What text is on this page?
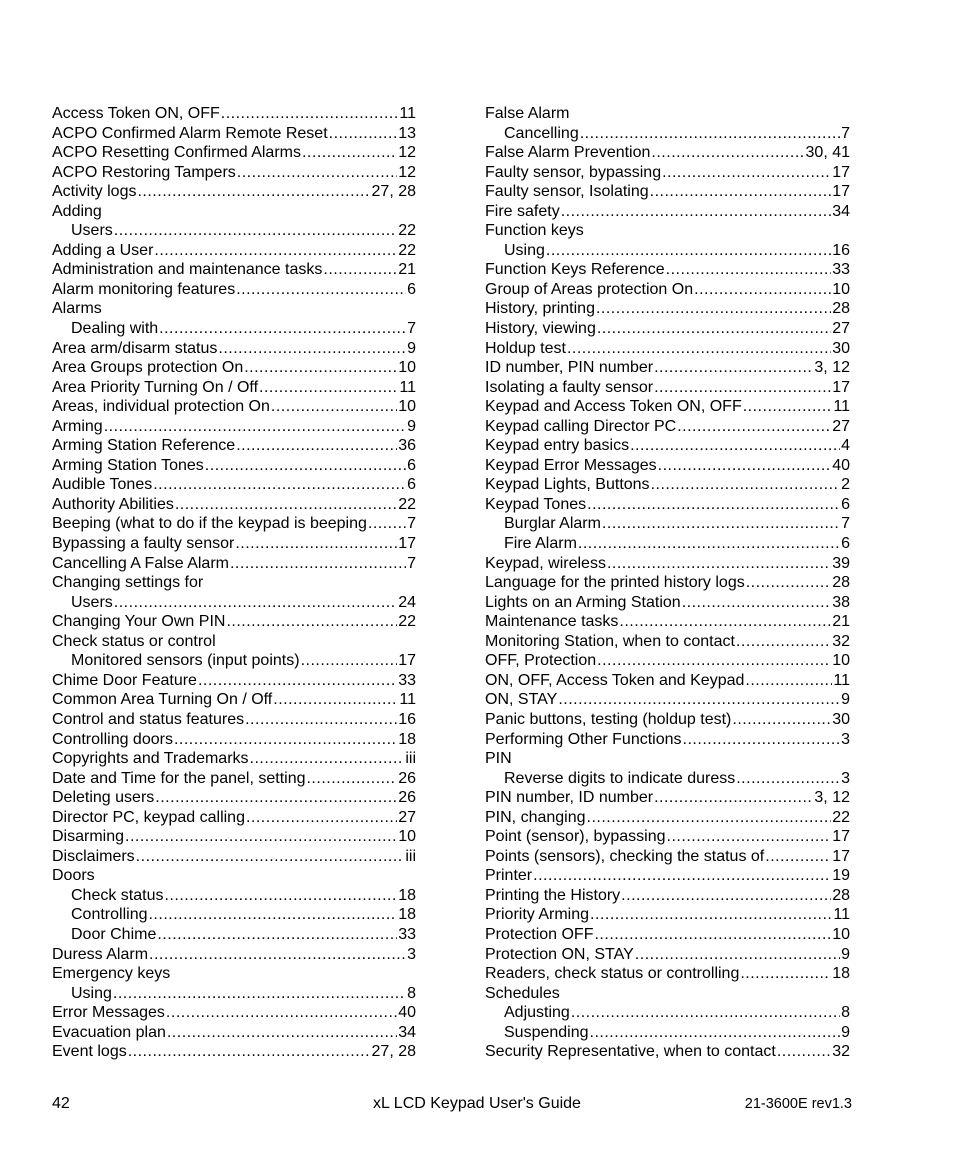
Access Token ON, OFF .....	11
ACPO Confirmed Alarm Remote Reset .....	13
ACPO Resetting Confirmed Alarms .....	12
ACPO Restoring Tampers .....	12
Activity logs .....	27, 28
Adding
Users .....	22
Adding a User .....	22
Administration and maintenance tasks .....	21
Alarm monitoring features .....	6
Alarms
Dealing with .....	7
Area arm/disarm status .....	9
Area Groups protection On .....	10
Area Priority Turning On / Off .....	11
Areas, individual protection On .....	10
Arming .....	9
Arming Station Reference .....	36
Arming Station Tones .....	6
Audible Tones .....	6
Authority Abilities .....	22
Beeping (what to do if the keypad is beeping .....	7
Bypassing a faulty sensor .....	17
Cancelling A False Alarm .....	7
Changing settings for
Users .....	24
Changing Your Own PIN .....	22
Check status or control
Monitored sensors (input points) .....	17
Chime Door Feature .....	33
Common Area Turning On / Off .....	11
Control and status features .....	16
Controlling doors .....	18
Copyrights and Trademarks .....	iii
Date and Time for the panel, setting .....	26
Deleting users .....	26
Director PC, keypad calling .....	27
Disarming .....	10
Disclaimers .....	iii
Doors
Check status .....	18
Controlling .....	18
Door Chime .....	33
Duress Alarm .....	3
Emergency keys
Using .....	8
Error Messages .....	40
Evacuation plan .....	34
Event logs .....	27, 28
False Alarm
Cancelling .....	7
False Alarm Prevention .....	30, 41
Faulty sensor, bypassing .....	17
Faulty sensor, Isolating .....	17
Fire safety .....	34
Function keys
Using .....	16
Function Keys Reference .....	33
Group of Areas protection On .....	10
History, printing .....	28
History, viewing .....	27
Holdup test .....	30
ID number, PIN number .....	3, 12
Isolating a faulty sensor .....	17
Keypad and Access Token ON, OFF .....	11
Keypad calling Director PC .....	27
Keypad entry basics .....	4
Keypad Error Messages .....	40
Keypad Lights, Buttons .....	2
Keypad Tones .....	6
Burglar Alarm .....	7
Fire Alarm .....	6
Keypad, wireless .....	39
Language for the printed history logs .....	28
Lights on an Arming Station .....	38
Maintenance tasks .....	21
Monitoring Station, when to contact .....	32
OFF, Protection .....	10
ON, OFF, Access Token and Keypad .....	11
ON, STAY .....	9
Panic buttons, testing (holdup test) .....	30
Performing Other Functions .....	3
PIN
Reverse digits to indicate duress .....	3
PIN number, ID number .....	3, 12
PIN, changing .....	22
Point (sensor), bypassing .....	17
Points (sensors), checking the status of .....	17
Printer .....	19
Printing the History .....	28
Priority Arming .....	11
Protection OFF .....	10
Protection ON, STAY .....	9
Readers, check status or controlling .....	18
Schedules
Adjusting .....	8
Suspending .....	9
Security Representative, when to contact .....	32
42	xL LCD Keypad User's Guide	21-3600E rev1.3
